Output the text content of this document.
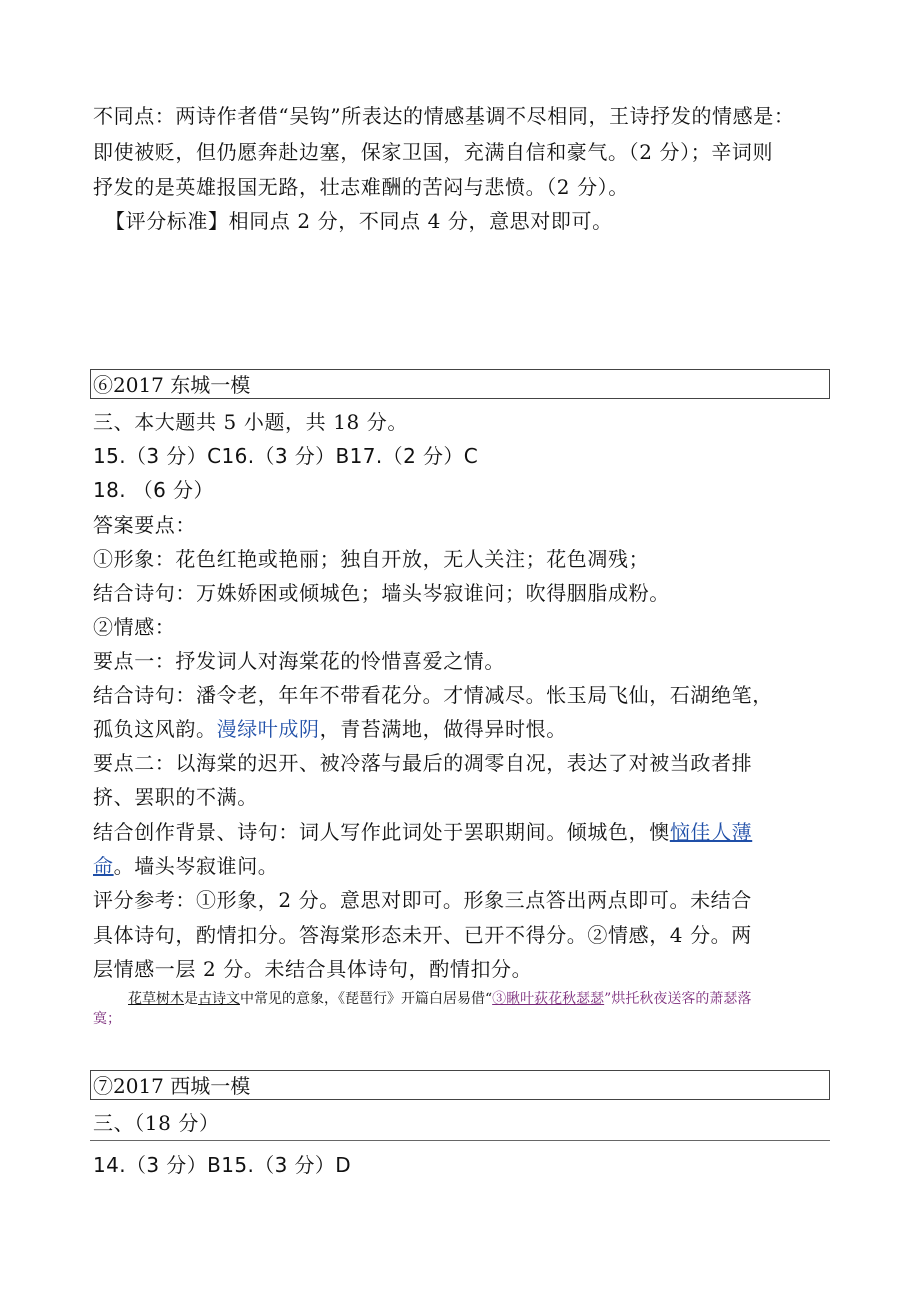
不同点：两诗作者借“吴钩”所表达的情感基调不尽相同，王诗抒发的情感是：
即使被贬，但仍愿奔赴边塞，保家卫国，充满自信和豪气。（2 分）；辛词则
抒发的是英雄报国无路，壮志难酬的苦闷与悲愤。（2 分）。
【评分标准】相同点 2 分，不同点 4 分，意思对即可。
⑥2017 东城一模
三、本大题共 5 小题，共 18 分。
15.（3 分）C16.（3 分）B17.（2 分）C
18. （6 分）
答案要点：
①形象：花色红艳或艳丽；独自开放，无人关注；花色凋残；
结合诗句：万姝娇困或倾城色；墙头岑寂谁问；吹得胭脂成粉。
②情感：
要点一：抒发词人对海棠花的怜惜喜爱之情。
结合诗句：潘令老，年年不带看花分。才情减尽。怅玉局飞仙，石湖绝笔，
孤负这风韵。漫绿叶成阴，青苔满地，做得异时恨。
要点二：以海棠的迟开、被冷落与最后的凋零自况，表达了对被当政者排
挤、罢职的不满。
结合创作背景、诗句：词人写作此词处于罢职期间。倾城色，懊恼佳人薄
命。墙头岑寂谁问。
评分参考：①形象，2 分。意思对即可。形象三点答出两点即可。未结合
具体诗句，酌情扣分。答海棠形态未开、已开不得分。②情感，4 分。两
层情感一层 2 分。未结合具体诗句，酌情扣分。
花草树木是古诗文中常见的意象，《琵琶行》开篇白居易借“③瞅叶荻花秋瑟瑟”烘托秋夜送客的萧瑟落
寞；
⑦2017 西城一模
三、（18 分）
14.（3 分）B15.（3 分）D
